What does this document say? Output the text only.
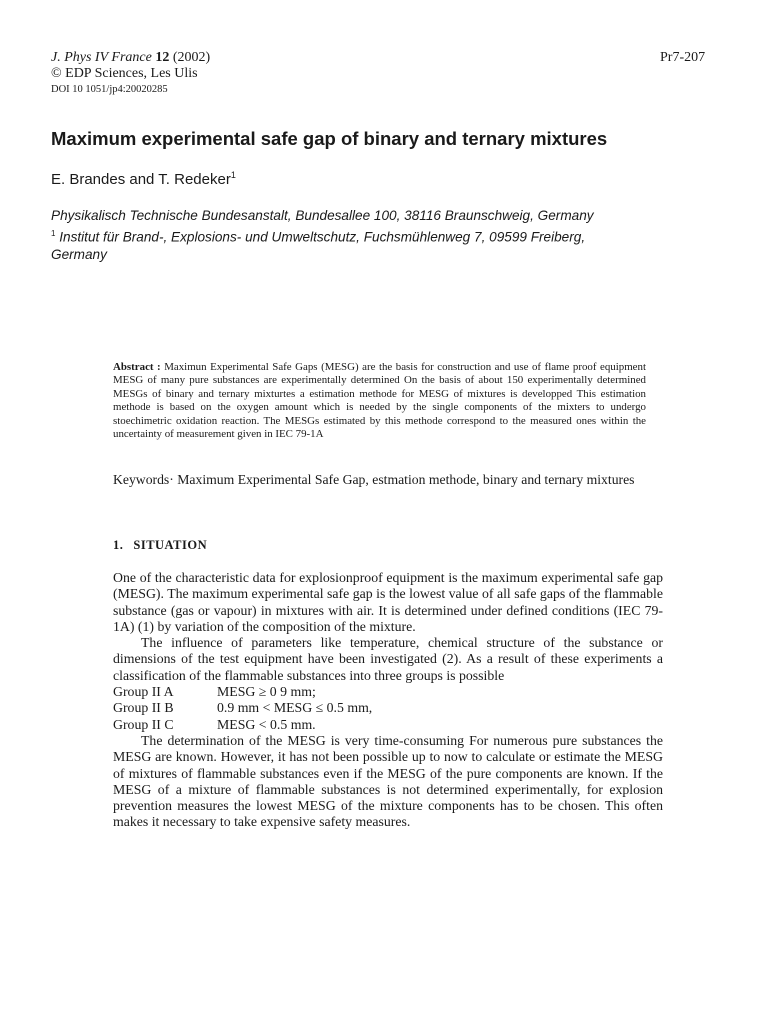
J. Phys IV France 12 (2002)
© EDP Sciences, Les Ulis
DOI 10 1051/jp4:20020285
Pr7-207
Maximum experimental safe gap of binary and ternary mixtures
E. Brandes and T. Redeker$^1$
Physikalisch Technische Bundesanstalt, Bundesallee 100, 38116 Braunschweig, Germany
$^1$ Institut für Brand-, Explosions- und Umweltschutz, Fuchsmühlenweg 7, 09599 Freiberg,
Germany
Abstract : Maximun Experimental Safe Gaps (MESG) are the basis for construction and use of flame proof equipment MESG of many pure substances are experimentally determined On the basis of about 150 experimentally determined MESGs of binary and ternary mixturtes a estimation methode for MESG of mixtures is developped This estimation methode is based on the oxygen amount which is needed by the single components of the mixters to undergo stoechimetric oxidation reaction. The MESGs estimated by this methode correspond to the measured ones within the uncertainty of measurement given in IEC 79-1A
Keywords· Maximum Experimental Safe Gap, estmation methode, binary and ternary mixtures
1. SITUATION

One of the characteristic data for explosionproof equipment is the maximum experimental safe gap (MESG). The maximum experimental safe gap is the lowest value of all safe gaps of the flammable substance (gas or vapour) in mixtures with air. It is determined under defined conditions (IEC 79-1A) (1) by variation of the composition of the mixture.

The influence of parameters like temperature, chemical structure of the substance or dimensions of the test equipment have been investigated (2). As a result of these experiments a classification of the flammable substances into three groups is possible

Group II A	MESG ≥ 0 9 mm;
Group II B	0.9 mm < MESG ≤ 0.5 mm,
Group II C	MESG < 0.5 mm.

The determination of the MESG is very time-consuming For numerous pure substances the MESG are known. However, it has not been possible up to now to calculate or estimate the MESG of mixtures of flammable substances even if the MESG of the pure components are known. If the MESG of a mixture of flammable substances is not determined experimentally, for explosion prevention measures the lowest MESG of the mixture components has to be chosen. This often makes it necessary to take expensive safety measures.
